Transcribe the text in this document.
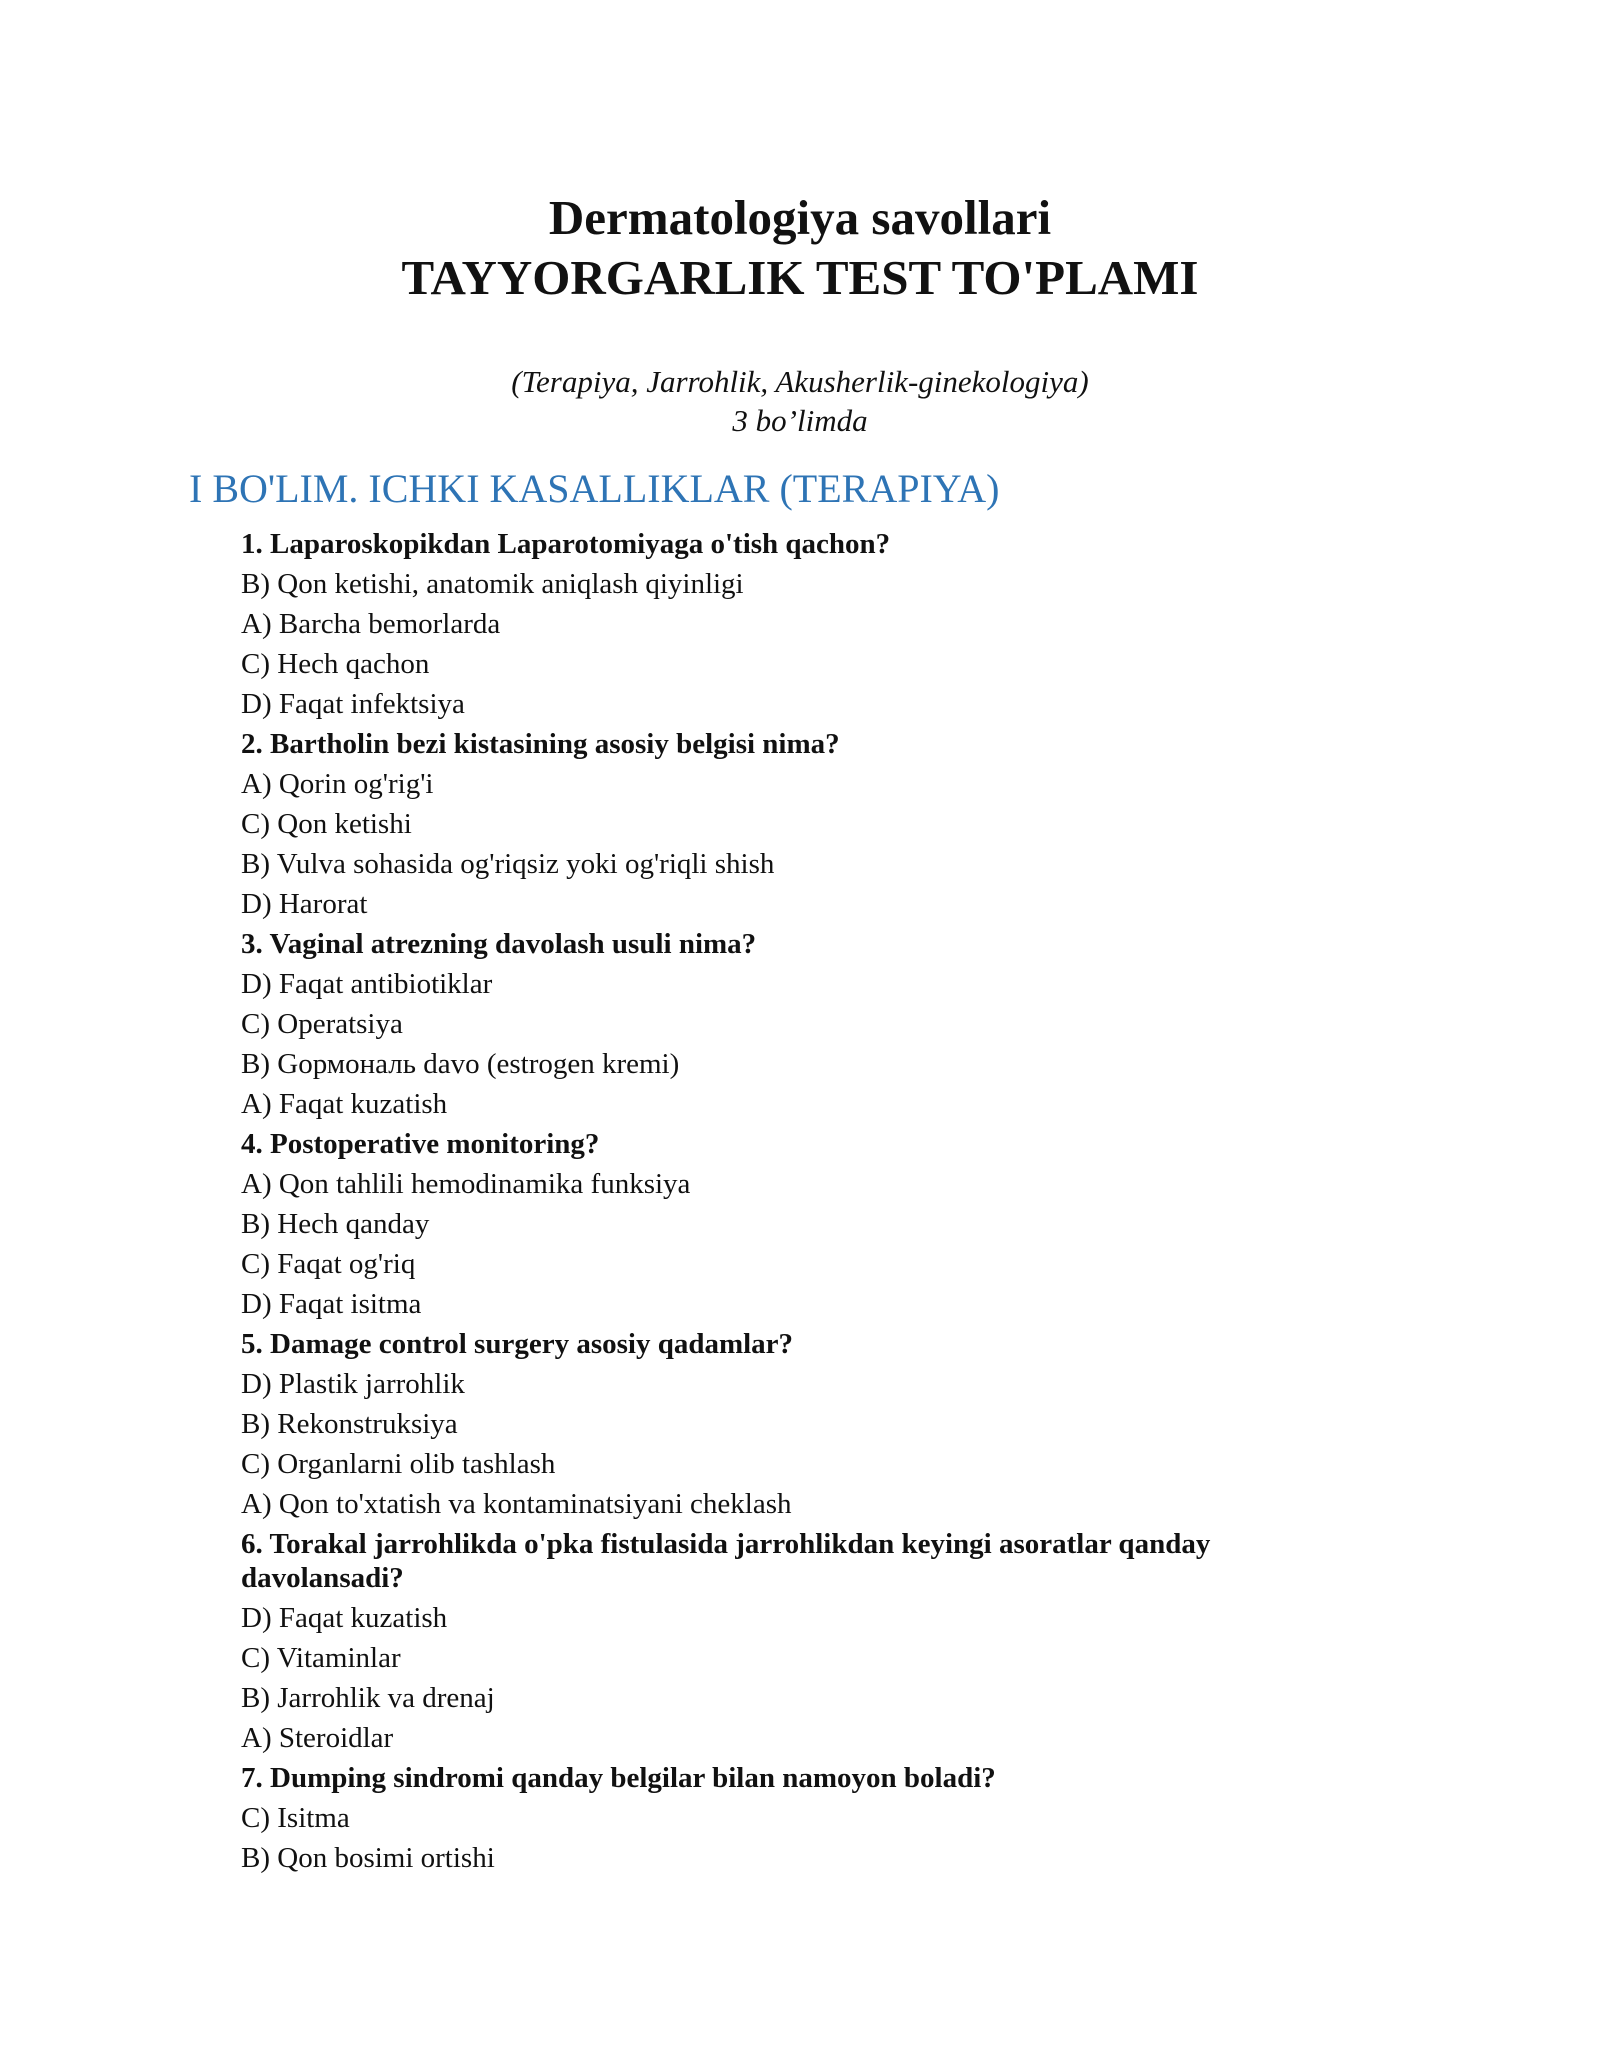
Dermatologiya savollari
TAYYORGARLIK TEST TO'PLAMI
(Terapiya, Jarrohlik, Akusherlik-ginekologiya)
3 bo’limda
I BO'LIM. ICHKI KASALLIKLAR (TERAPIYA)
1. Laparoskopikdan Laparotomiyaga o'tish qachon?
B) Qon ketishi, anatomik aniqlash qiyinligi
A) Barcha bemorlarda
C) Hech qachon
D) Faqat infektsiya
2. Bartholin bezi kistasining asosiy belgisi nima?
A) Qorin og'rig'i
C) Qon ketishi
B) Vulva sohasida og'riqsiz yoki og'riqli shish
D) Harorat
3. Vaginal atrezning davolash usuli nima?
D) Faqat antibiotiklar
C) Operatsiya
B) Gормональ davo (estrogen kremi)
A) Faqat kuzatish
4. Postoperative monitoring?
A) Qon tahlili hemodinamika funksiya
B) Hech qanday
C) Faqat og'riq
D) Faqat isitma
5. Damage control surgery asosiy qadamlar?
D) Plastik jarrohlik
B) Rekonstruksiya
C) Organlarni olib tashlash
A) Qon to'xtatish va kontaminatsiyani cheklash
6. Torakal jarrohlikda o'pka fistulasida jarrohlikdan keyingi asoratlar qanday davolansadi?
D) Faqat kuzatish
C) Vitaminlar
B) Jarrohlik va drenaj
A) Steroidlar
7. Dumping sindromi qanday belgilar bilan namoyon boladi?
C) Isitma
B) Qon bosimi ortishi
